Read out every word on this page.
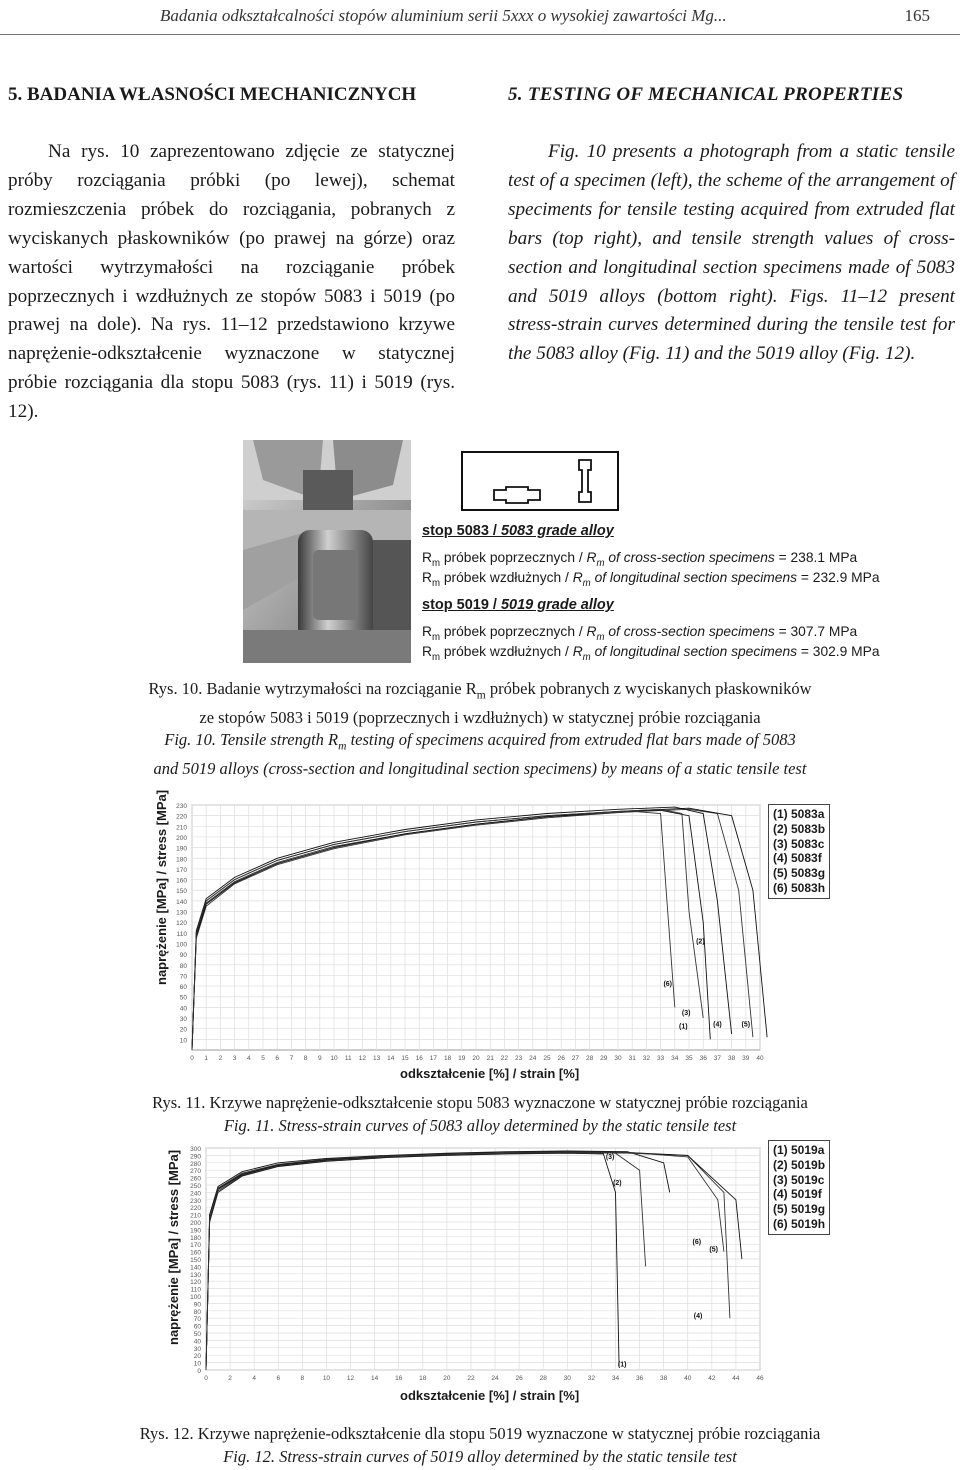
Badania odkształcalności stopów aluminium serii 5xxx o wysokiej zawartości Mg...	165
5. BADANIA WŁASNOŚCI MECHANICZNYCH	5. TESTING OF MECHANICAL PROPERTIES

Na rys. 10 zaprezentowano zdjęcie ze statycznej próby rozciągania próbki (po lewej), schemat rozmieszczenia próbek do rozciągania, pobranych z wyciskanych płaskowników (po prawej na górze) oraz wartości wytrzymałości na rozciąganie próbek poprzecznych i wzdłużnych ze stopów 5083 i 5019 (po prawej na dole). Na rys. 11–12 przedstawiono krzywe naprężenie-odkształcenie wyznaczone w statycznej próbie rozciągania dla stopu 5083 (rys. 11) i 5019 (rys. 12).

Fig. 10 presents a photograph from a static tensile test of a specimen (left), the scheme of the arrangement of speciments for tensile testing acquired from extruded flat bars (top right), and tensile strength values of cross-section and longitudinal section specimens made of 5083 and 5019 alloys (bottom right). Figs. 11–12 present stress-strain curves determined during the tensile test for the 5083 alloy (Fig. 11) and the 5019 alloy (Fig. 12).

stop 5083 / 5083 grade alloy
$R_m$ próbek poprzecznych / $R_m$ of cross-section specimens = 238.1 MPa
$R_m$ próbek wzdłużnych / $R_m$ of longitudinal section specimens = 232.9 MPa
stop 5019 / 5019 grade alloy
$R_m$ próbek poprzecznych / $R_m$ of cross-section specimens = 307.7 MPa
$R_m$ próbek wzdłużnych / $R_m$ of longitudinal section specimens = 302.9 MPa
Rys. 10. Badanie wytrzymałości na rozciąganie $R_m$ próbek pobranych z wyciskanych płaskowników
ze stopów 5083 i 5019 (poprzecznych i wzdłużnych) w statycznej próbie rozciągania
Fig. 10. Tensile strength $R_m$ testing of specimens acquired from extruded flat bars made of 5083
and 5019 alloys (cross-section and longitudinal section specimens) by means of a static tensile test
10
20
30
40
50
60
70
80
90
100
110
120
130
140
150
160
170
180
190
200
210
220
230
0 1 2 3 4 5 6 7 8 9 10 11 12 13 14 15 16 17 18 19 20 21 22 23 24 25 26 27 28 29 30 31 32 33 34 35 36 37 38 39 40
(2)
(6)
(3)
(1)	(4)	(5)
naprężenie [MPa] / stress [MPa]
odkształcenie [%] / strain [%]
(1) 5083a
(2) 5083b
(3) 5083c
(4) 5083f
(5) 5083g
(6) 5083h
Rys. 11. Krzywe naprężenie-odkształcenie stopu 5083 wyznaczone w statycznej próbie rozciągania
Fig. 11. Stress-strain curves of 5083 alloy determined by the static tensile test
0
10
20
30
40
50
60
70
80
90
100
110
120
130
140
150
160
170
180
190
200
210
220
230
240
250
260
270
280
290
300
0	2	4	6	8	10	12	14	16	18	20	22	24	26	28	30	32	34	36	38	40	42	44	46
(3)
(2)
(6)
(5)
(4)
(1)
naprężenie [MPa] / stress [MPa]
odkształcenie [%] / strain [%]
(1) 5019a
(2) 5019b
(3) 5019c
(4) 5019f
(5) 5019g
(6) 5019h
Rys. 12. Krzywe naprężenie-odkształcenie dla stopu 5019 wyznaczone w statycznej próbie rozciągania
Fig. 12. Stress-strain curves of 5019 alloy determined by the static tensile test
